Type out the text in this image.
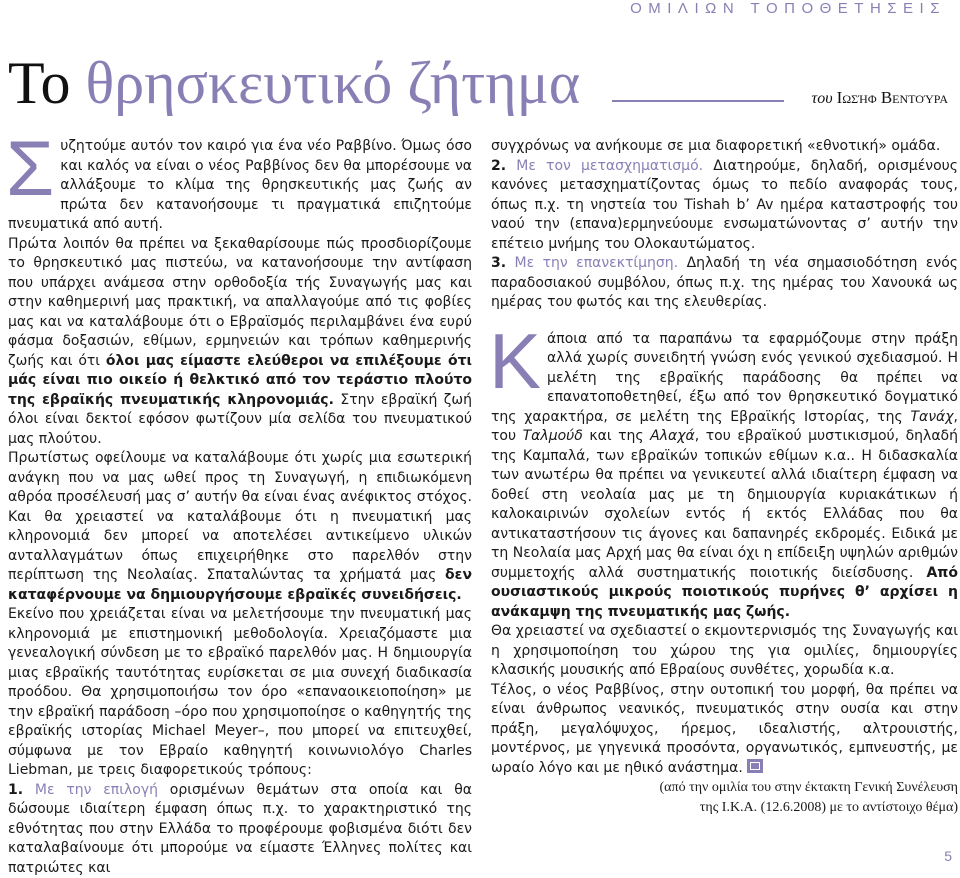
ΟΜΙΛΙΩΝ ΤΟΠΟΘΕΤΗΣΕΙΣ
Το θρησκευτικό ζήτημα	του Ιωσήφ Βεντούρα

Συζητούμε αυτόν τον καιρό για ένα νέο Ραββίνο. Όμως όσο και καλός να είναι ο νέος Ραββίνος δεν θα μπορέσουμε να αλλάξουμε το κλίμα της θρησκευτικής μας ζωής αν πρώτα δεν κατανοήσουμε τι πραγματικά επιζητούμε πνευματικά από αυτή.

Πρώτα λοιπόν θα πρέπει να ξεκαθαρίσουμε πώς προσδιορίζουμε το θρησκευτικό μας πιστεύω, να κατανοήσουμε την αντίφαση που υπάρχει ανάμεσα στην ορθοδοξία τής Συναγωγής μας και στην καθημερινή μας πρακτική, να απαλλαγούμε από τις φοβίες μας και να καταλάβουμε ότι ο Εβραϊσμός περιλαμβάνει ένα ευρύ φάσμα δοξασιών, εθίμων, ερμηνειών και τρόπων καθημερινής ζωής και ότι όλοι μας είμαστε ελεύθεροι να επιλέξουμε ότι μάς είναι πιο οικείο ή θελκτικό από τον τεράστιο πλούτο της εβραϊκής πνευματικής κληρονομιάς. Στην εβραϊκή ζωή όλοι είναι δεκτοί εφόσον φωτίζουν μία σελίδα του πνευματικού μας πλούτου.

Πρωτίστως οφείλουμε να καταλάβουμε ότι χωρίς μια εσωτερική ανάγκη που να μας ωθεί προς τη Συναγωγή, η επιδιωκόμενη αθρόα προσέλευσή μας σ’ αυτήν θα είναι ένας ανέφικτος στόχος. Και θα χρειαστεί να καταλάβουμε ότι η πνευματική μας κληρονομιά δεν μπορεί να αποτελέσει αντικείμενο υλικών ανταλλαγμάτων όπως επιχειρήθηκε στο παρελθόν στην περίπτωση της Νεολαίας. Σπαταλώντας τα χρήματά μας δεν καταφέρνουμε να δημιουργήσουμε εβραϊκές συνειδήσεις.

Εκείνο που χρειάζεται είναι να μελετήσουμε την πνευματική μας κληρονομιά με επιστημονική μεθοδολογία. Χρειαζόμαστε μια γενεαλογική σύνδεση με το εβραϊκό παρελθόν μας. Η δημιουργία μιας εβραϊκής ταυτότητας ευρίσκεται σε μια συνεχή διαδικασία προόδου. Θα χρησιμοποιήσω τον όρο «επαναοικειοποίηση» με την εβραϊκή παράδοση –όρο που χρησιμοποίησε ο καθηγητής της εβραϊκής ιστορίας Michael Meyer–, που μπορεί να επιτευχθεί, σύμφωνα με τον Εβραίο καθηγητή κοινωνιολόγο Charles Liebman, με τρεις διαφορετικούς τρόπους:

1. Με την επιλογή ορισμένων θεμάτων στα οποία και θα δώσουμε ιδιαίτερη έμφαση όπως π.χ. το χαρακτηριστικό της εθνότητας που στην Ελλάδα το προφέρουμε φοβισμένα διότι δεν καταλαβαίνουμε ότι μπορούμε να είμαστε Έλληνες πολίτες και πατριώτες και

συγχρόνως να ανήκουμε σε μια διαφορετική «εθνοτική» ομάδα.

2. Με τον μετασχηματισμό. Διατηρούμε, δηλαδή, ορισμένους κανόνες μετασχηματίζοντας όμως το πεδίο αναφοράς τους, όπως π.χ. τη νηστεία του Tishah b’ Av ημέρα καταστροφής του ναού την (επανα)ερμηνεύουμε ενσωματώνοντας σ’ αυτήν την επέτειο μνήμης του Ολοκαυτώματος.

3. Με την επανεκτίμηση. Δηλαδή τη νέα σημασιοδότηση ενός παραδοσιακού συμβόλου, όπως π.χ. της ημέρας του Χανουκά ως ημέρας του φωτός και της ελευθερίας.

Κάποια από τα παραπάνω τα εφαρμόζουμε στην πράξη αλλά χωρίς συνειδητή γνώση ενός γενικού σχεδιασμού. Η μελέτη της εβραϊκής παράδοσης θα πρέπει να επανατοποθετηθεί, έξω από τον θρησκευτικό δογματικό της χαρακτήρα, σε μελέτη της Εβραϊκής Ιστορίας, της Τανάχ, του Ταλμούδ και της Αλαχά, του εβραϊκού μυστικισμού, δηλαδή της Καμπαλά, των εβραϊκών τοπικών εθίμων κ.α.. Η διδασκαλία των ανωτέρω θα πρέπει να γενικευτεί αλλά ιδιαίτερη έμφαση να δοθεί στη νεολαία μας με τη δημιουργία κυριακάτικων ή καλοκαιρινών σχολείων εντός ή εκτός Ελλάδας που θα αντικαταστήσουν τις άγονες και δαπανηρές εκδρομές. Ειδικά με τη Νεολαία μας Αρχή μας θα είναι όχι η επίδειξη υψηλών αριθμών συμμετοχής αλλά συστηματικής ποιοτικής διείσδυσης. Από ουσιαστικούς μικρούς ποιοτικούς πυρήνες θ’ αρχίσει η ανάκαμψη της πνευματικής μας ζωής.

Θα χρειαστεί να σχεδιαστεί ο εκμοντερνισμός της Συναγωγής και η χρησιμοποίηση του χώρου της για ομιλίες, δημιουργίες κλασικής μουσικής από Εβραίους συνθέτες, χορωδία κ.α.

Τέλος, ο νέος Ραββίνος, στην ουτοπική του μορφή, θα πρέπει να είναι άνθρωπος νεανικός, πνευματικός στην ουσία και στην πράξη, μεγαλόψυχος, ήρεμος, ιδεαλιστής, αλτρουιστής, μοντέρνος, με γηγενικά προσόντα, οργανωτικός, εμπνευστής, με ωραίο λόγο και με ηθικό ανάστημα.

(από την ομιλία του στην έκτακτη Γενική Συνέλευση
της Ι.Κ.Α. (12.6.2008) με το αντίστοιχο θέμα)
5
